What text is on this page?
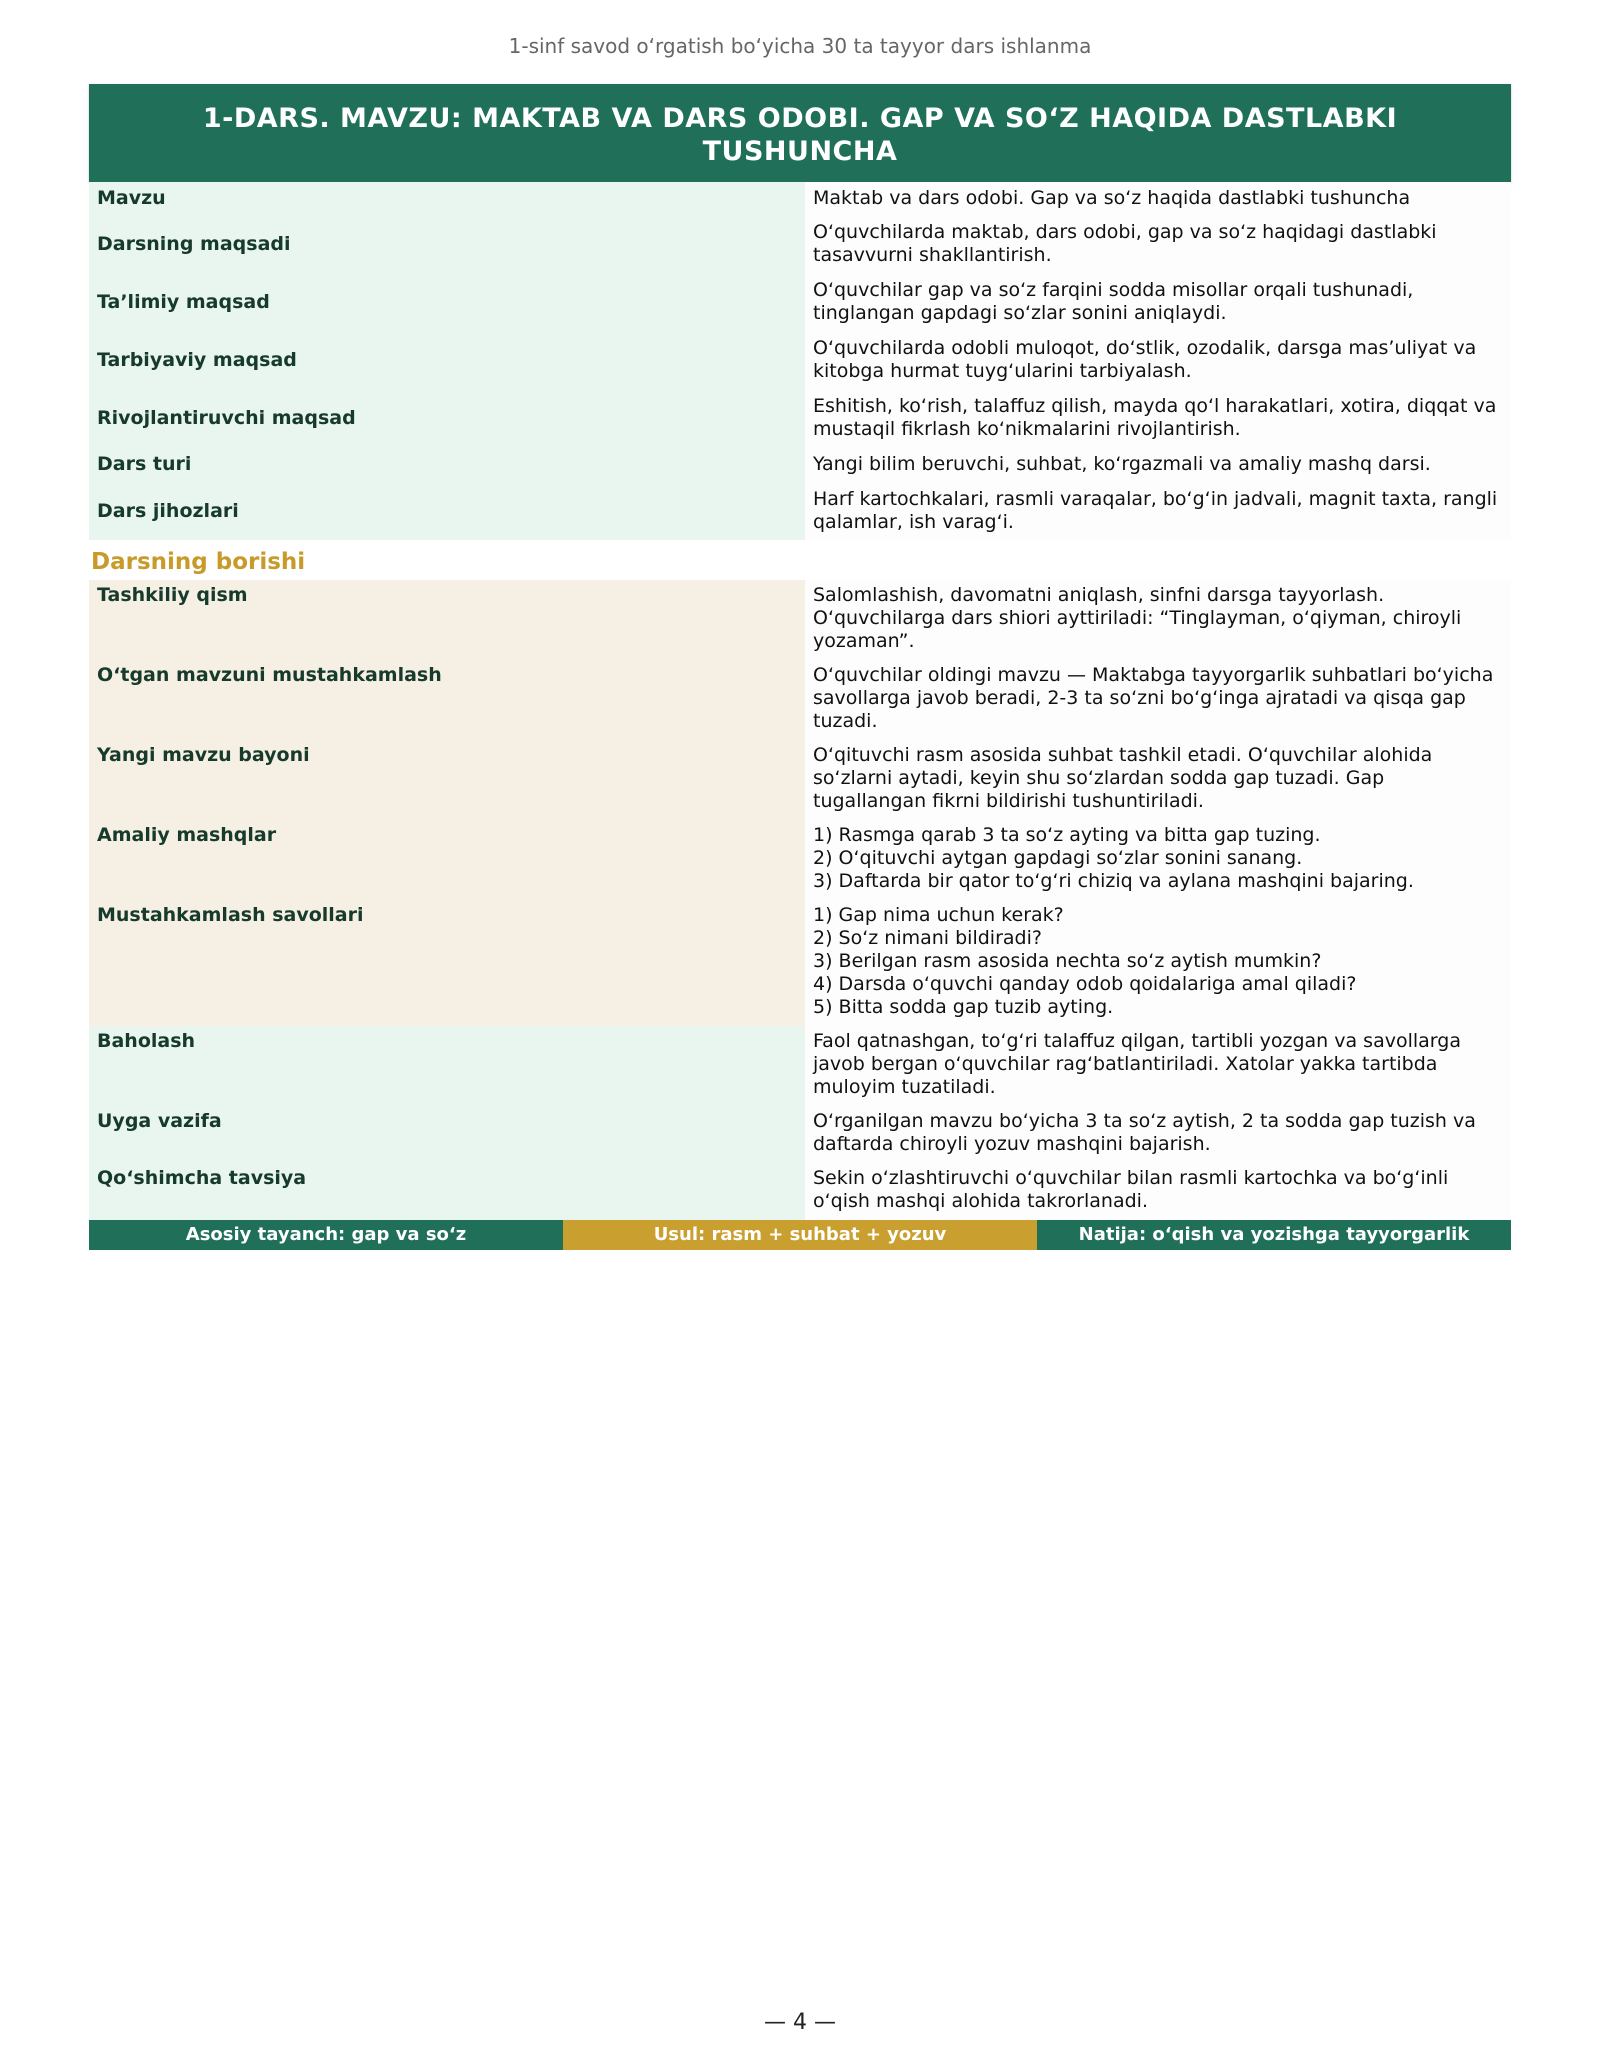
1-sinf savod o‘rgatish bo‘yicha 30 ta tayyor dars ishlanma
1-DARS. MAVZU: MAKTAB VA DARS ODOBI. GAP VA SO‘Z HAQIDA DASTLABKI TUSHUNCHA
Mavzu	Maktab va dars odobi. Gap va so‘z haqida dastlabki tushuncha
Darsning maqsadi	O‘quvchilarda maktab, dars odobi, gap va so‘z haqidagi dastlabki tasavvurni shakllantirish.
Ta’limiy maqsad	O‘quvchilar gap va so‘z farqini sodda misollar orqali tushunadi, tinglangan gapdagi so‘zlar sonini aniqlaydi.
Tarbiyaviy maqsad	O‘quvchilarda odobli muloqot, do‘stlik, ozodalik, darsga mas’uliyat va kitobga hurmat tuyg‘ularini tarbiyalash.
Rivojlantiruvchi maqsad	Eshitish, ko‘rish, talaffuz qilish, mayda qo‘l harakatlari, xotira, diqqat va mustaqil fikrlash ko‘nikmalarini rivojlantirish.
Dars turi	Yangi bilim beruvchi, suhbat, ko‘rgazmali va amaliy mashq darsi.
Dars jihozlari	Harf kartochkalari, rasmli varaqalar, bo‘g‘in jadvali, magnit taxta, rangli qalamlar, ish varag‘i.
Darsning borishi
Tashkiliy qism	Salomlashish, davomatni aniqlash, sinfni darsga tayyorlash. O‘quvchilarga dars shiori ayttiriladi: “Tinglayman, o‘qiyman, chiroyli yozaman”.

O‘tgan mavzuni mustahkamlash	O‘quvchilar oldingi mavzu — Maktabga tayyorgarlik suhbatlari bo‘yicha savollarga javob beradi, 2-3 ta so‘zni bo‘g‘inga ajratadi va qisqa gap tuzadi.

Yangi mavzu bayoni	O‘qituvchi rasm asosida suhbat tashkil etadi. O‘quvchilar alohida so‘zlarni aytadi, keyin shu so‘zlardan sodda gap tuzadi. Gap tugallangan fikrni bildirishi tushuntiriladi.

Amaliy mashqlar	1) Rasmga qarab 3 ta so‘z ayting va bitta gap tuzing.
2) O‘qituvchi aytgan gapdagi so‘zlar sonini sanang.
3) Daftarda bir qator to‘g‘ri chiziq va aylana mashqini bajaring.

Mustahkamlash savollari	1) Gap nima uchun kerak?
2) So‘z nimani bildiradi?
3) Berilgan rasm asosida nechta so‘z aytish mumkin?
4) Darsda o‘quvchi qanday odob qoidalariga amal qiladi?
5) Bitta sodda gap tuzib ayting.

Baholash	Faol qatnashgan, to‘g‘ri talaffuz qilgan, tartibli yozgan va savollarga javob bergan o‘quvchilar rag‘batlantiriladi. Xatolar yakka tartibda muloyim tuzatiladi.

Uyga vazifa	O‘rganilgan mavzu bo‘yicha 3 ta so‘z aytish, 2 ta sodda gap tuzish va daftarda chiroyli yozuv mashqini bajarish.

Qo‘shimcha tavsiya	Sekin o‘zlashtiruvchi o‘quvchilar bilan rasmli kartochka va bo‘g‘inli o‘qish mashqi alohida takrorlanadi.
Asosiy tayanch: gap va so‘z	Usul: rasm + suhbat + yozuv	Natija: o‘qish va yozishga tayyorgarlik
— 4 —
